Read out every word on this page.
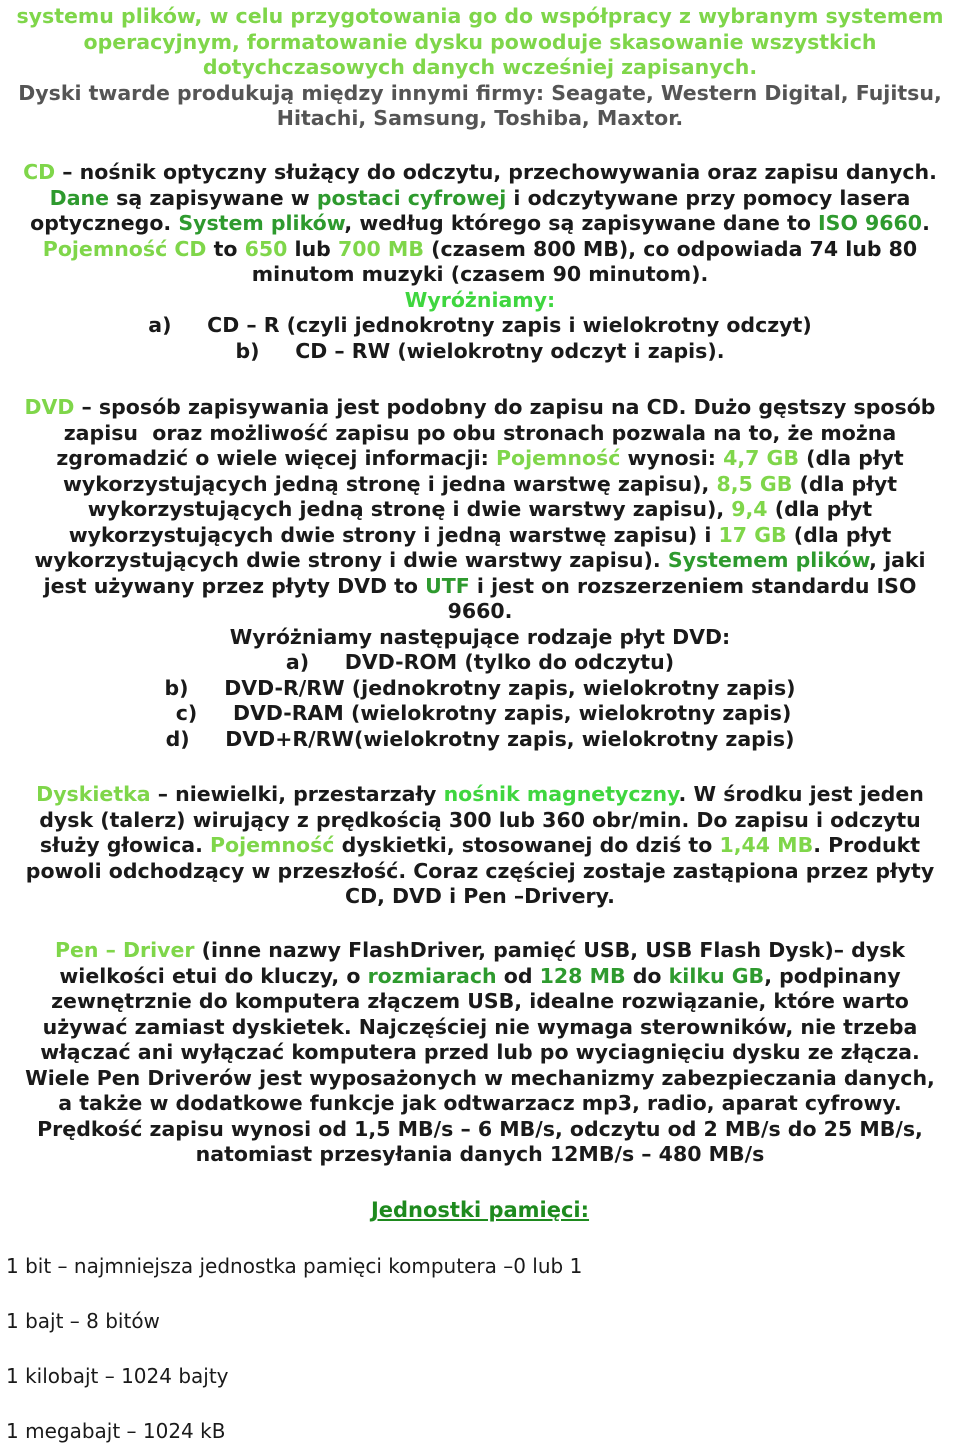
systemu plików, w celu przygotowania go do współpracy z wybranym systemem
operacyjnym, formatowanie dysku powoduje skasowanie wszystkich
dotychczasowych danych wcześniej zapisanych.
Dyski twarde produkują między innymi firmy: Seagate, Western Digital, Fujitsu,
Hitachi, Samsung, Toshiba, Maxtor.
CD – nośnik optyczny służący do odczytu, przechowywania oraz zapisu danych.
Dane są zapisywane w postaci cyfrowej i odczytywane przy pomocy lasera
optycznego. System plików, według którego są zapisywane dane to ISO 9660.
Pojemność CD to 650 lub 700 MB (czasem 800 MB), co odpowiada 74 lub 80
minutom muzyki (czasem 90 minutom).
Wyróżniamy:
a)     CD – R (czyli jednokrotny zapis i wielokrotny odczyt)
b)     CD – RW (wielokrotny odczyt i zapis).
DVD – sposób zapisywania jest podobny do zapisu na CD. Dużo gęstszy sposób
zapisu  oraz możliwość zapisu po obu stronach pozwala na to, że można
zgromadzić o wiele więcej informacji: Pojemność wynosi: 4,7 GB (dla płyt
wykorzystujących jedną stronę i jedna warstwę zapisu), 8,5 GB (dla płyt
wykorzystujących jedną stronę i dwie warstwy zapisu), 9,4 (dla płyt
wykorzystujących dwie strony i jedną warstwę zapisu) i 17 GB (dla płyt
wykorzystujących dwie strony i dwie warstwy zapisu). Systemem plików, jaki
jest używany przez płyty DVD to UTF i jest on rozszerzeniem standardu ISO
9660.
Wyróżniamy następujące rodzaje płyt DVD:
a)     DVD-ROM (tylko do odczytu)
b)     DVD-R/RW (jednokrotny zapis, wielokrotny zapis)
c)     DVD-RAM (wielokrotny zapis, wielokrotny zapis)
d)     DVD+R/RW(wielokrotny zapis, wielokrotny zapis)
Dyskietka – niewielki, przestarzały nośnik magnetyczny. W środku jest jeden
dysk (talerz) wirujący z prędkością 300 lub 360 obr/min. Do zapisu i odczytu
służy głowica. Pojemność dyskietki, stosowanej do dziś to 1,44 MB. Produkt
powoli odchodzący w przeszłość. Coraz częściej zostaje zastąpiona przez płyty
CD, DVD i Pen –Drivery.
Pen – Driver (inne nazwy FlashDriver, pamięć USB, USB Flash Dysk)– dysk
wielkości etui do kluczy, o rozmiarach od 128 MB do kilku GB, podpinany
zewnętrznie do komputera złączem USB, idealne rozwiązanie, które warto
używać zamiast dyskietek. Najczęściej nie wymaga sterowników, nie trzeba
włączać ani wyłączać komputera przed lub po wyciagnięciu dysku ze złącza.
Wiele Pen Driverów jest wyposażonych w mechanizmy zabezpieczania danych,
a także w dodatkowe funkcje jak odtwarzacz mp3, radio, aparat cyfrowy.
Prędkość zapisu wynosi od 1,5 MB/s – 6 MB/s, odczytu od 2 MB/s do 25 MB/s,
natomiast przesyłania danych 12MB/s – 480 MB/s
Jednostki pamięci:
1 bit – najmniejsza jednostka pamięci komputera –0 lub 1
1 bajt – 8 bitów
1 kilobajt – 1024 bajty
1 megabajt – 1024 kB
